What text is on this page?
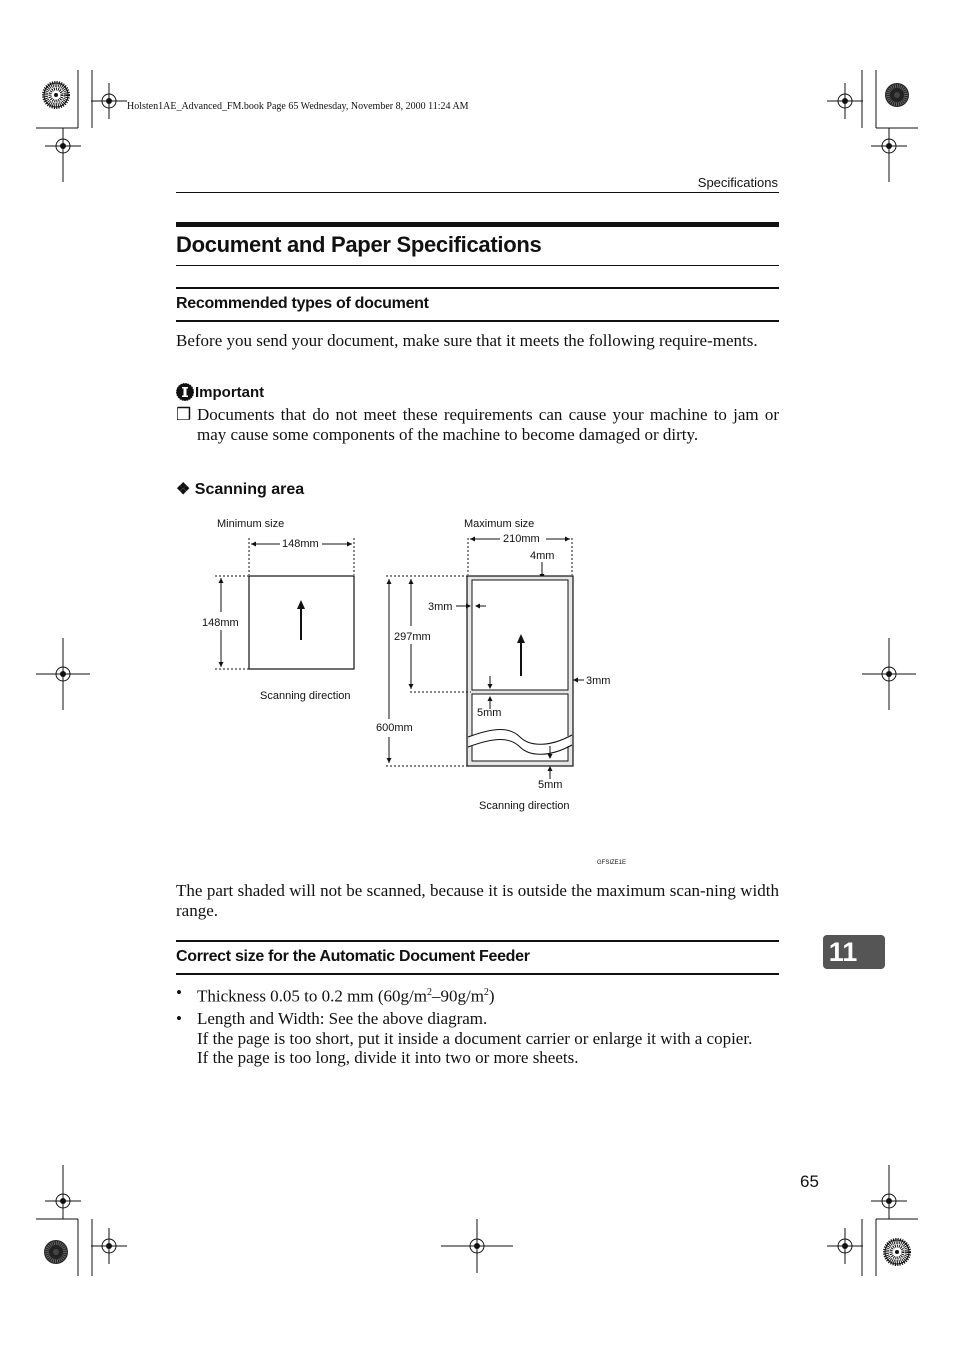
Holsten1AE_Advanced_FM.book Page 65 Wednesday, November 8, 2000 11:24 AM
Specifications
Document and Paper Specifications
Recommended types of document
Before you send your document, make sure that it meets the following require-ments.
Important
❒ Documents that do not meet these requirements can cause your machine to jam or may cause some components of the machine to become damaged or dirty.
❖ Scanning area
Minimum size
148mm
148mm
Scanning direction
Maximum size
210mm
4mm
3mm
3mm
297mm
600mm
5mm
5mm
Scanning direction
GFSIZE1E
The part shaded will not be scanned, because it is outside the maximum scan-ning width range.
Correct size for the Automatic Document Feeder	11
• Thickness 0.05 to 0.2 mm $(60g/m^2-90g/m^2)$
• Length and Width: See the above diagram.
If the page is too short, put it inside a document carrier or enlarge it with a copier.
If the page is too long, divide it into two or more sheets.
65
